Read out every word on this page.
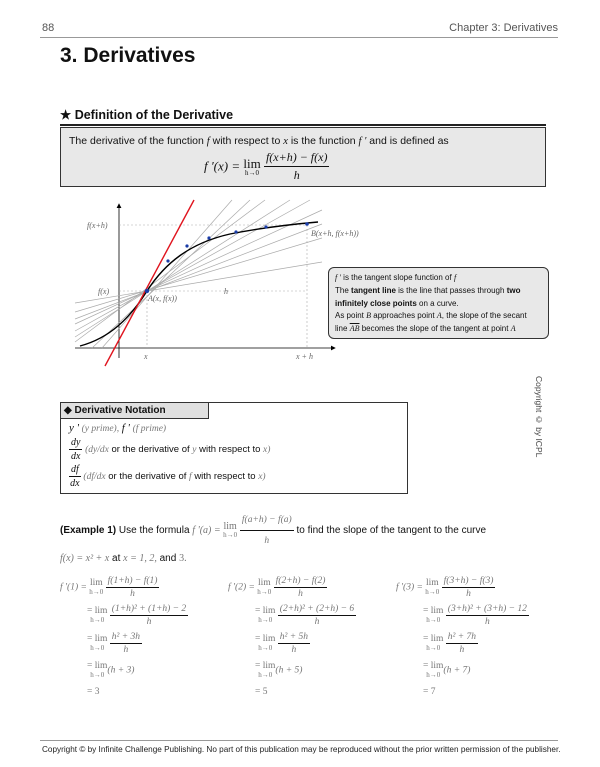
88	Chapter 3: Derivatives
3. Derivatives
★ Definition of the Derivative
The derivative of the function f with respect to x is the function f ' and is defined as
f '(x) = lim
h→0
$\frac{f(x+h) - f(x)}{h}$
f(x+h)
f(x)
A(x, f(x))
B(x+h, f(x+h))
h
x	x + h
f ' is the tangent slope function of f
The tangent line is the line that passes through two
infinitely close points on a curve.
As point B approaches point A, the slope of the secant
line $\overline{AB}$ becomes the slope of the tangent at point A
Copyright © by ICPL
◆ Derivative Notation
y ' (y prime), f ' (f prime)
$\frac{dy}{dx} (dy/dx$ or the derivative of y with respect to x)
$\frac{df}{dx} (df/dx$ or the derivative of f with respect to x)
(Example 1) Use the formula f '(a) = lim
h→0
$\frac{f(a+h) - f(a)}{h}$ to find the slope of the tangent to the curve
f(x) = x² + x at x = 1, 2, and 3.
f '(1) = lim
h→0
$\frac{f(1+h) - f(1)}{h}$
= lim
h→0
$\frac{\text{(1+h)² + (1+h) − 2}}{h}$
= lim
h→0
$\frac{\text{h² + 3h}}{h}$
= lim
h→0 (h + 3)
= 3
f '(2) = lim
h→0
$\frac{f(2+h) - f(2)}{h}$
= lim
h→0
$\frac{\text{(2+h)² + (2+h) − 6}}{h}$
= lim
h→0
$\frac{\text{h² + 5h}}{h}$
= lim
h→0 (h + 5)
= 5
f '(3) = lim
h→0
$\frac{f(3+h) - f(3)}{h}$
= lim
h→0
$\frac{\text{(3+h)² + (3+h) − 12}}{h}$
= lim
h→0
$\frac{\text{h² + 7h}}{h}$
= lim
h→0 (h + 7)
= 7
Copyright © by Infinite Challenge Publishing. No part of this publication may be reproduced without the prior written permission of the publisher.
